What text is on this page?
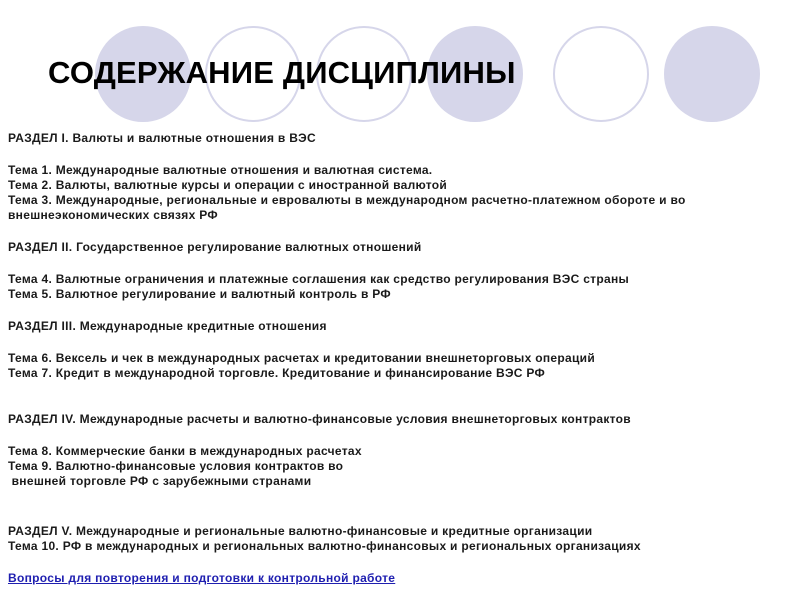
СОДЕРЖАНИЕ ДИСЦИПЛИНЫ
РАЗДЕЛ I. Валюты и валютные отношения в ВЭС
Тема 1. Международные валютные отношения и валютная система.
Тема 2. Валюты, валютные курсы и операции с иностранной валютой
Тема 3. Международные, региональные и евровалюты в международном расчетно-платежном обороте и во внешнеэкономических связях РФ
РАЗДЕЛ II. Государственное регулирование валютных отношений
Тема 4. Валютные ограничения и платежные соглашения как средство регулирования ВЭС страны
Тема 5. Валютное регулирование и валютный контроль в РФ
РАЗДЕЛ III. Международные кредитные отношения
Тема 6. Вексель и чек в международных расчетах и кредитовании внешнеторговых операций
Тема 7. Кредит в международной торговле. Кредитование и финансирование ВЭС РФ
РАЗДЕЛ IV. Международные расчеты и валютно-финансовые условия внешнеторговых контрактов
Тема 8. Коммерческие банки в международных расчетах
Тема 9. Валютно-финансовые условия контрактов во
внешней торговле РФ с зарубежными странами
РАЗДЕЛ V. Международные и региональные валютно-финансовые и кредитные организации
Тема 10. РФ в международных и региональных валютно-финансовых и региональных организациях
Вопросы для повторения и подготовки к контрольной работе
